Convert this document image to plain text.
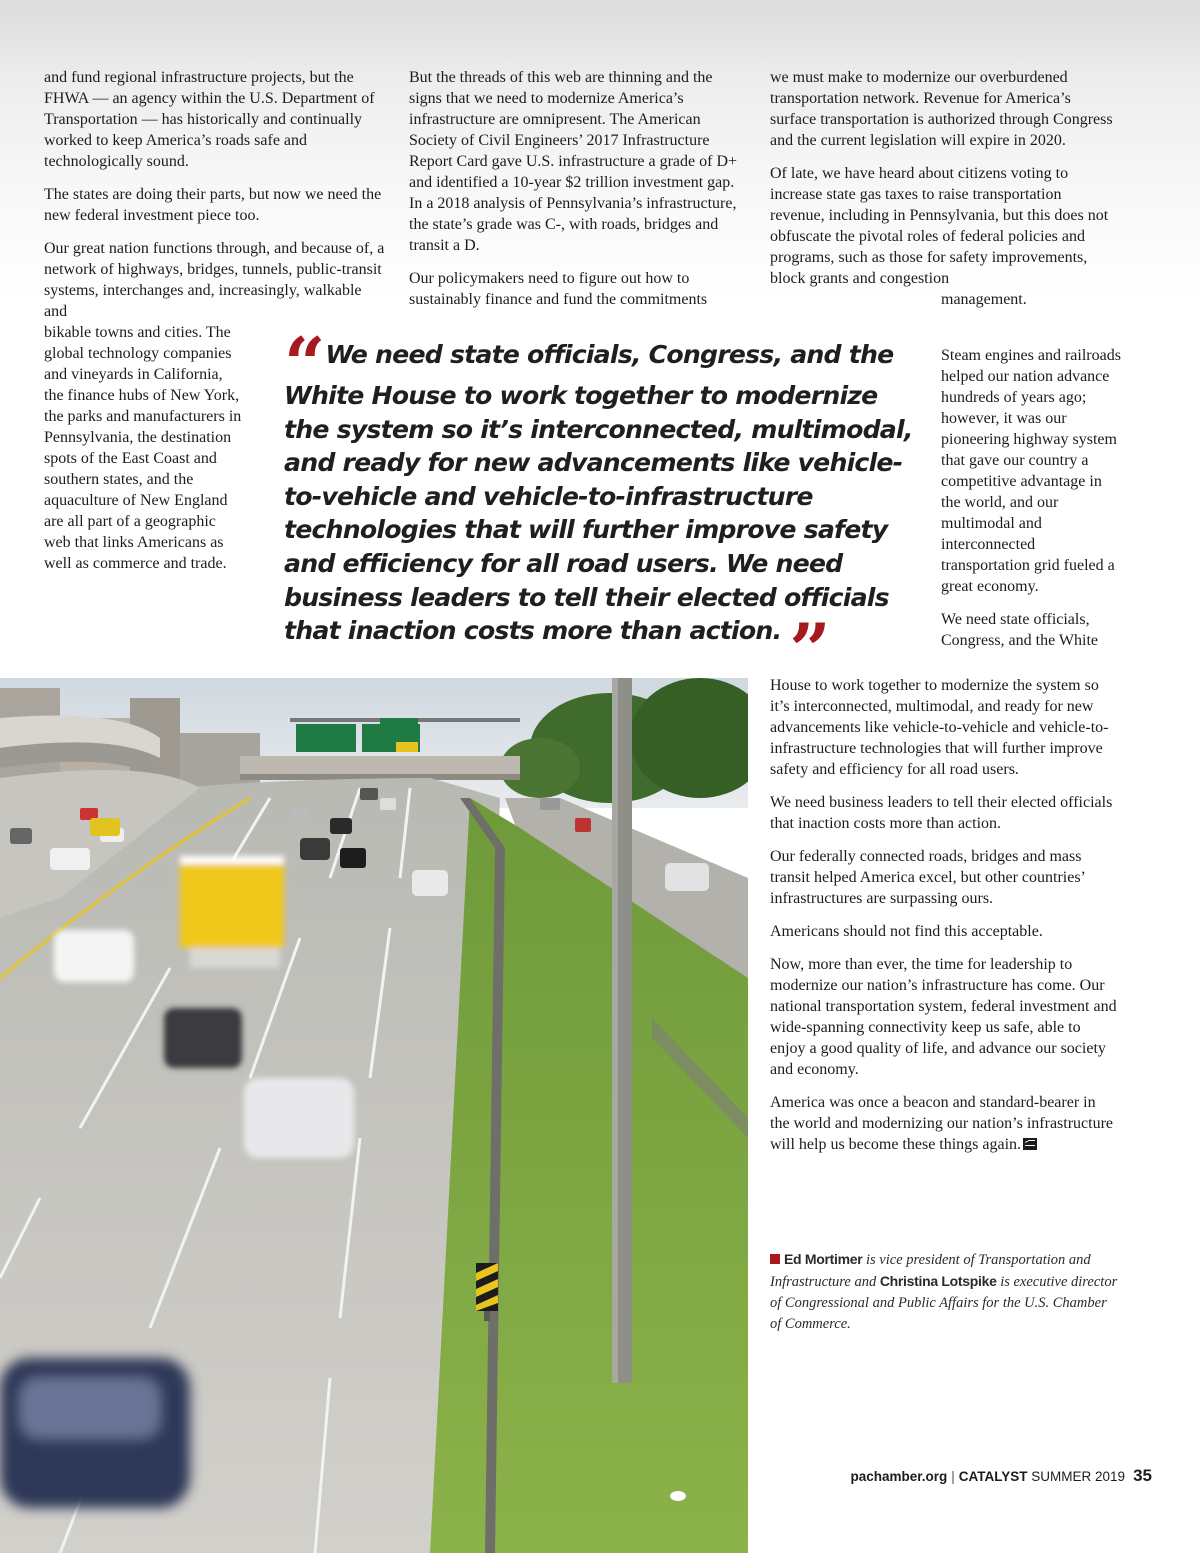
and fund regional infrastructure projects, but the FHWA — an agency within the U.S. Department of Transportation — has historically and continually worked to keep America’s roads safe and technologically sound.

The states are doing their parts, but now we need the new federal investment piece too.

Our great nation functions through, and because of, a network of highways, bridges, tunnels, public-transit systems, interchanges and, increasingly, walkable and

bikable towns and cities. The global technology companies and vineyards in California, the finance hubs of New York, the parks and manufacturers in Pennsylvania, the destination spots of the East Coast and southern states, and the aquaculture of New England are all part of a geographic web that links Americans as well as commerce and trade.

But the threads of this web are thinning and the signs that we need to modernize America’s infrastructure are omnipresent. The American Society of Civil Engineers’ 2017 Infrastructure Report Card gave U.S. infrastructure a grade of D+ and identified a 10-year $2 trillion investment gap. In a 2018 analysis of Pennsylvania’s infrastructure, the state’s grade was C-, with roads, bridges and transit a D.

Our policymakers need to figure out how to sustainably finance and fund the commitments

we must make to modernize our overburdened transportation network. Revenue for America’s surface transportation is authorized through Congress and the current legislation will expire in 2020.

Of late, we have heard about citizens voting to increase state gas taxes to raise transportation revenue, including in Pennsylvania, but this does not obfuscate the pivotal roles of federal policies and programs, such as those for safety improvements, block grants and congestion
management.

Steam engines and railroads helped our nation advance hundreds of years ago; however, it was our pioneering highway system that gave our country a competitive advantage in the world, and our multimodal and interconnected transportation grid fueled a great economy.

We need state officials, Congress, and the White

House to work together to modernize the system so it’s interconnected, multimodal, and ready for new advancements like vehicle-to-vehicle and vehicle-to-infrastructure technologies that will further improve safety and efficiency for all road users.

We need business leaders to tell their elected officials that inaction costs more than action.

Our federally connected roads, bridges and mass transit helped America excel, but other countries’ infrastructures are surpassing ours.

Americans should not find this acceptable.

Now, more than ever, the time for leadership to modernize our nation’s infrastructure has come. Our national transportation system, federal investment and wide-spanning connectivity keep us safe, able to enjoy a good quality of life, and advance our society and economy.

America was once a beacon and standard-bearer in the world and modernizing our nation’s infrastructure will help us become these things again.

“ We need state officials, Congress, and the
White House to work together to modernize
the system so it’s interconnected, multimodal,
and ready for new advancements like vehicle-
to-vehicle and vehicle-to-infrastructure
technologies that will further improve safety
and efficiency for all road users. We need
business leaders to tell their elected officials
that inaction costs more than action. ”
Ed Mortimer is vice president of Transportation and Infrastructure and Christina Lotspike is executive director of Congressional and Public Affairs for the U.S. Chamber of Commerce.
pachamber.org | CATALYST SUMMER 2019 35
